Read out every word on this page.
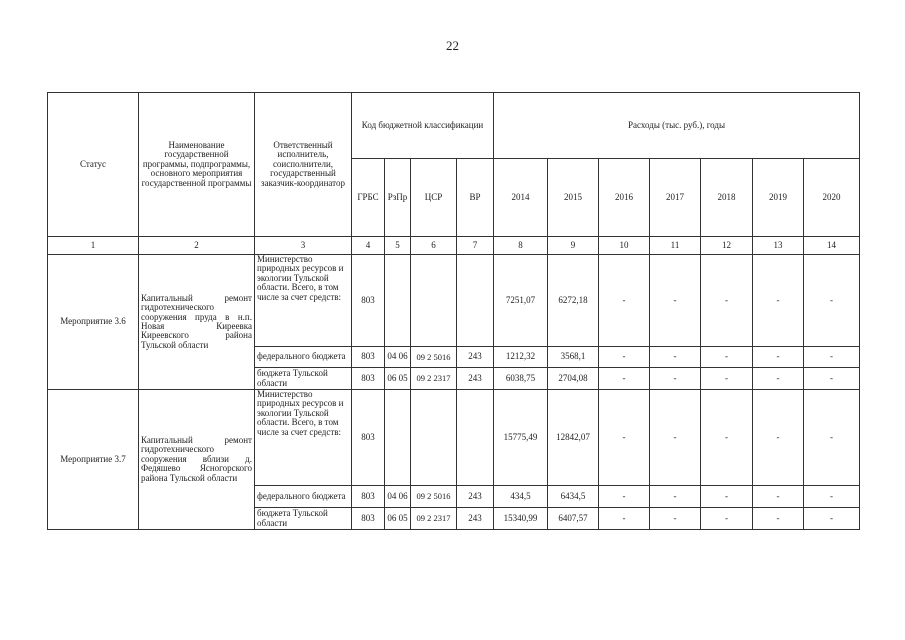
22
Статус	Наименование государственной программы, подпрограммы, основного мероприятия государственной программы	Ответственный исполнитель, соисполнители, государственный заказчик-координатор	Код бюджетной классификации				Расходы (тыс. руб.), годы						
			ГРБС	РзПр	ЦСР	ВР	2014	2015	2016	2017	2018	2019	2020
1	2	3	4	5	6	7	8	9	10	11	12	13	14
Мероприятие 3.6	Капитальный ремонт гидротехнического сооружения пруда в н.п. Новая Киреевка Киреевского района Тульской области	Министерство природных ресурсов и экологии Тульской области. Всего, в том числе за счет средств:	803				7251,07	6272,18	-	-	-	-	-
		федерального бюджета	803	04 06	09 2 5016	243	1212,32	3568,1	-	-	-	-	-
		бюджета Тульской области	803	06 05	09 2 2317	243	6038,75	2704,08	-	-	-	-	-
Мероприятие 3.7	Капитальный ремонт гидротехнического сооружения вблизи д. Федяшево Ясногорского района Тульской области	Министерство природных ресурсов и экологии Тульской области. Всего, в том числе за счет средств:	803				15775,49	12842,07	-	-	-	-	-
		федерального бюджета	803	04 06	09 2 5016	243	434,5	6434,5	-	-	-	-	-
		бюджета Тульской области	803	06 05	09 2 2317	243	15340,99	6407,57	-	-	-	-	-
